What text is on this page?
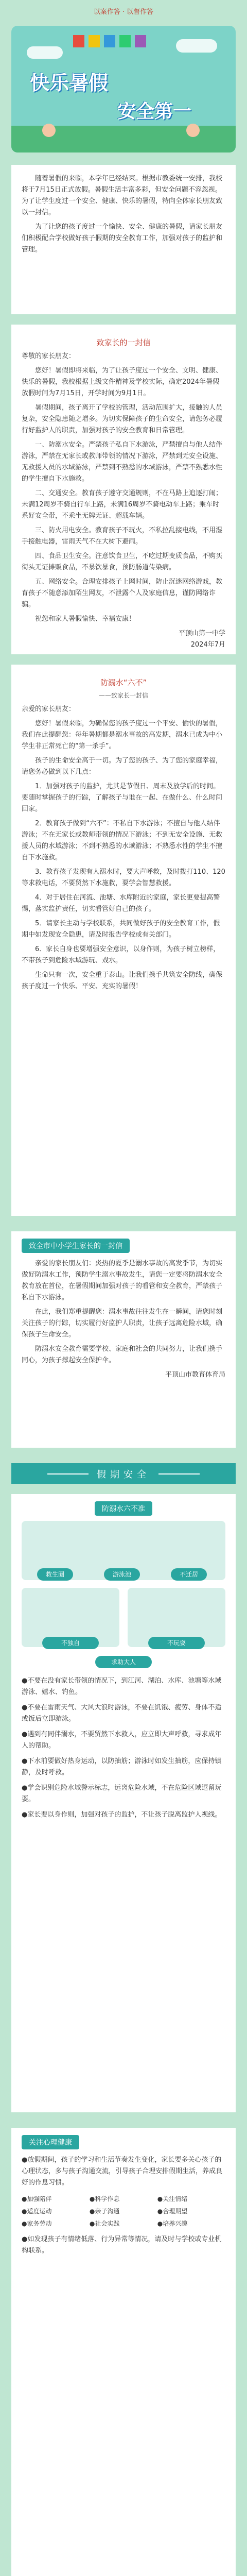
以案作答 · 以督作答
快乐暑假
安全第一

随着暑假的来临，本学年已经结束。根据市教委统一安排，我校将于7月15日正式放假。暑假生活丰富多彩，但安全问题不容忽视。为了让学生度过一个安全、健康、快乐的暑假，特向全体家长朋友致以一封信。

为了让您的孩子度过一个愉快、安全、健康的暑假，请家长朋友们积极配合学校做好孩子假期的安全教育工作，加强对孩子的监护和管理。

致家长的一封信

尊敬的家长朋友：

您好！暑假即将来临，为了让孩子度过一个安全、文明、健康、快乐的暑假，我校根据上级文件精神及学校实际，确定2024年暑假放假时间为7月15日，开学时间为9月1日。

暑假期间，孩子离开了学校的管理，活动范围扩大，接触的人员复杂，安全隐患随之增多。为切实保障孩子的生命安全，请您务必履行好监护人的职责，加强对孩子的安全教育和日常管理。

一、防溺水安全。严禁孩子私自下水游泳，严禁擅自与他人结伴游泳，严禁在无家长或教师带领的情况下游泳，严禁到无安全设施、无救援人员的水域游泳，严禁到不熟悉的水域游泳，严禁不熟悉水性的学生擅自下水施救。

二、交通安全。教育孩子遵守交通规则，不在马路上追逐打闹；未满12周岁不骑自行车上路，未满16周岁不骑电动车上路；乘车时系好安全带，不乘坐无牌无证、超载车辆。

三、防火用电安全。教育孩子不玩火，不私拉乱接电线，不用湿手接触电器，雷雨天气不在大树下避雨。

四、食品卫生安全。注意饮食卫生，不吃过期变质食品，不购买街头无证摊贩食品，不暴饮暴食，预防肠道传染病。

五、网络安全。合理安排孩子上网时间，防止沉迷网络游戏，教育孩子不随意添加陌生网友，不泄露个人及家庭信息，谨防网络诈骗。

祝您和家人暑假愉快、幸福安康！

平顶山第一中学

2024年7月

防溺水“六不”
——致家长一封信

亲爱的家长朋友：

您好！暑假来临，为确保您的孩子度过一个平安、愉快的暑假，我们在此提醒您：每年暑期都是溺水事故的高发期，溺水已成为中小学生非正常死亡的“第一杀手”。

孩子的生命安全高于一切。为了您的孩子、为了您的家庭幸福，请您务必做到以下几点：

1．加强对孩子的监护，尤其是节假日、周末及放学后的时间。要随时掌握孩子的行踪，了解孩子与谁在一起、在做什么、什么时间回家。

2．教育孩子做到“六不”：不私自下水游泳；不擅自与他人结伴游泳；不在无家长或教师带领的情况下游泳；不到无安全设施、无救援人员的水域游泳；不到不熟悉的水域游泳；不熟悉水性的学生不擅自下水施救。

3．教育孩子发现有人溺水时，要大声呼救，及时拨打110、120等求救电话，不要贸然下水施救，要学会智慧救援。

4．对于居住在河流、池塘、水库附近的家庭，家长更要提高警惕，落实监护责任，切实看管好自己的孩子。

5．请家长主动与学校联系，共同做好孩子的安全教育工作，假期中如发现安全隐患，请及时报告学校或有关部门。

6．家长自身也要增强安全意识，以身作则，为孩子树立榜样，不带孩子到危险水域游玩、戏水。

生命只有一次，安全重于泰山。让我们携手共筑安全防线，确保孩子度过一个快乐、平安、充实的暑假！

致全市中小学生家长的一封信

亲爱的家长朋友们：炎热的夏季是溺水事故的高发季节，为切实做好防溺水工作，预防学生溺水事故发生，请您一定要将防溺水安全教育放在首位，在暑假期间加强对孩子的看管和安全教育，严禁孩子私自下水游泳。

在此，我们郑重提醒您：溺水事故往往发生在一瞬间，请您时刻关注孩子的行踪，切实履行好监护人职责，让孩子远离危险水域，确保孩子生命安全。

防溺水安全教育需要学校、家庭和社会的共同努力，让我们携手同心，为孩子撑起安全保护伞。

平顶山市教育体育局

假期安全
防溺水六不准
救生圈	游泳池	不迁居
不独自	不玩耍
求助大人

●不要在没有家长带领的情况下，到江河、湖泊、水库、池塘等水域游泳、嬉水、钓鱼。

●不要在雷雨天气、大风大浪时游泳，不要在饥饿、疲劳、身体不适或饭后立即游泳。

●遇到有同伴溺水，不要贸然下水救人，应立即大声呼救，寻求成年人的帮助。

●下水前要做好热身运动，以防抽筋；游泳时如发生抽筋，应保持镇静，及时呼救。

●学会识别危险水域警示标志，远离危险水域，不在危险区域逗留玩耍。

●家长要以身作则，加强对孩子的监护，不让孩子脱离监护人视线。

关注心理健康

●放假期间，孩子的学习和生活节奏发生变化，家长要多关心孩子的心理状态，多与孩子沟通交流，引导孩子合理安排假期生活，养成良好的作息习惯。

●加强陪伴	●科学作息	●关注情绪
●适度运动	●亲子沟通	●合理期望
●家务劳动	●社会实践	●培养兴趣

●如发现孩子有情绪低落、行为异常等情况，请及时与学校或专业机构联系。
